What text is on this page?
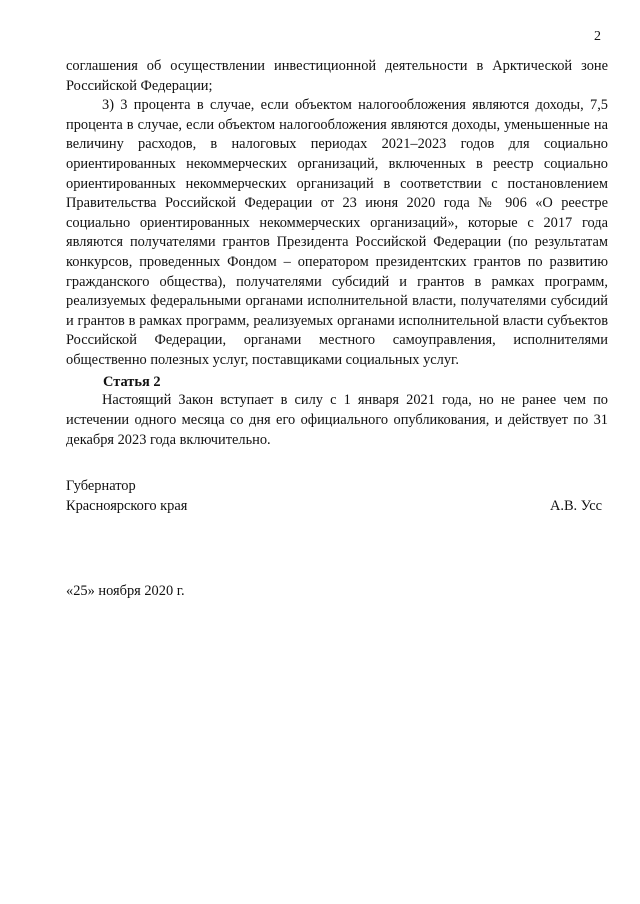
2

соглашения об осуществлении инвестиционной деятельности в Арктической зоне Российской Федерации;

3) 3 процента в случае, если объектом налогообложения являются доходы, 7,5 процента в случае, если объектом налогообложения являются доходы, уменьшенные на величину расходов, в налоговых периодах 2021–2023 годов для социально ориентированных некоммерческих организаций, включенных в реестр социально ориентированных некоммерческих организаций в соответствии с постановлением Правительства Российской Федерации от 23 июня 2020 года № 906 «О реестре социально ориентированных некоммерческих организаций», которые с 2017 года являются получателями грантов Президента Российской Федерации (по результатам конкурсов, проведенных Фондом – оператором президентских грантов по развитию гражданского общества), получателями субсидий и грантов в рамках программ, реализуемых федеральными органами исполнительной власти, получателями субсидий и грантов в рамках программ, реализуемых органами исполнительной власти субъектов Российской Федерации, органами местного самоуправления, исполнителями общественно полезных услуг, поставщиками социальных услуг.

Статья 2

Настоящий Закон вступает в силу с 1 января 2021 года, но не ранее чем по истечении одного месяца со дня его официального опубликования, и действует по 31 декабря 2023 года включительно.

Губернатор
Красноярского края	А.В. Усс
«25» ноября 2020 г.
